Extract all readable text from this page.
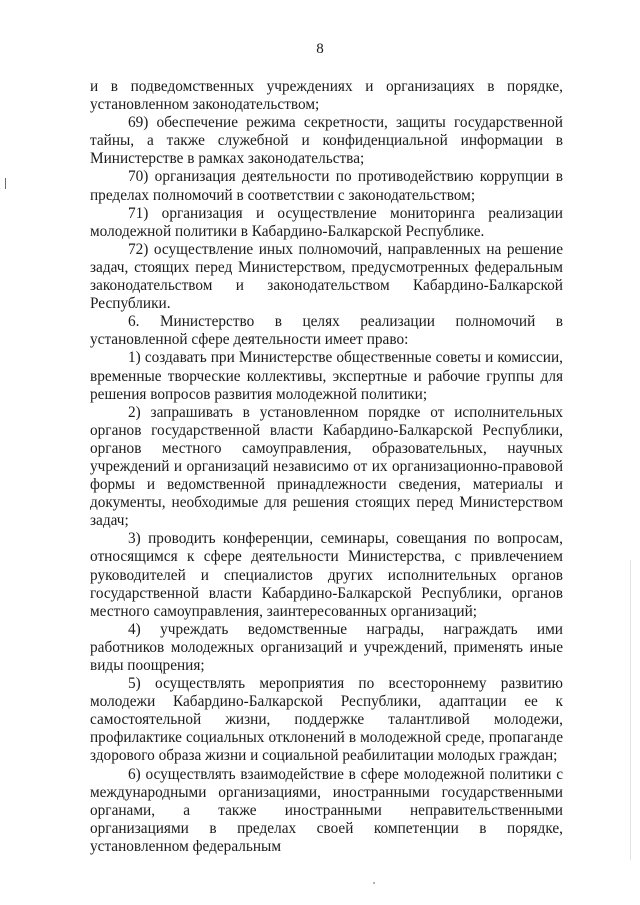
8

и в подведомственных учреждениях и организациях в порядке, установленном законодательством;

69) обеспечение режима секретности, защиты государственной тайны, а также служебной и конфиденциальной информации в Министерстве в рамках законодательства;

70) организация деятельности по противодействию коррупции в пределах полномочий в соответствии с законодательством;

71) организация и осуществление мониторинга реализации молодежной политики в Кабардино-Балкарской Республике.

72) осуществление иных полномочий, направленных на решение задач, стоящих перед Министерством, предусмотренных федеральным законодательством и законодательством Кабардино-Балкарской Республики.

6. Министерство в целях реализации полномочий в установленной сфере деятельности имеет право:

1) создавать при Министерстве общественные советы и комиссии, временные творческие коллективы, экспертные и рабочие группы для решения вопросов развития молодежной политики;

2) запрашивать в установленном порядке от исполнительных органов государственной власти Кабардино-Балкарской Республики, органов местного самоуправления, образовательных, научных учреждений и организаций независимо от их организационно-правовой формы и ведомственной принадлежности сведения, материалы и документы, необходимые для решения стоящих перед Министерством задач;

3) проводить конференции, семинары, совещания по вопросам, относящимся к сфере деятельности Министерства, с привлечением руководителей и специалистов других исполнительных органов государственной власти Кабардино-Балкарской Республики, органов местного самоуправления, заинтересованных организаций;

4) учреждать ведомственные награды, награждать ими работников молодежных организаций и учреждений, применять иные виды поощрения;

5) осуществлять мероприятия по всестороннему развитию молодежи Кабардино-Балкарской Республики, адаптации ее к самостоятельной жизни, поддержке талантливой молодежи, профилактике социальных отклонений в молодежной среде, пропаганде здорового образа жизни и социальной реабилитации молодых граждан;

6) осуществлять взаимодействие в сфере молодежной политики с международными организациями, иностранными государственными органами, а также иностранными неправительственными организациями в пределах своей компетенции в порядке, установленном федеральным
